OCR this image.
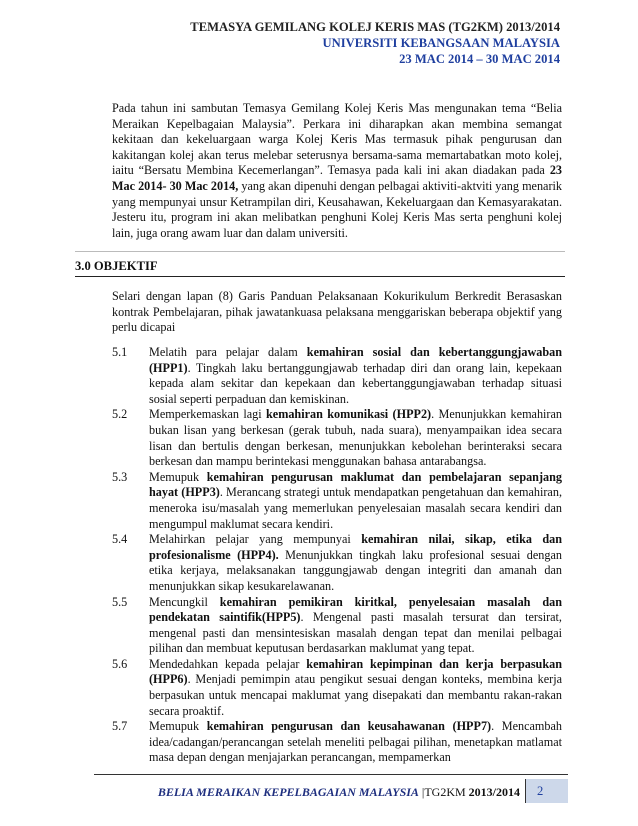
TEMASYA GEMILANG KOLEJ KERIS MAS (TG2KM) 2013/2014
UNIVERSITI KEBANGSAAN MALAYSIA
23 MAC 2014 – 30 MAC 2014

Pada tahun ini sambutan Temasya Gemilang Kolej Keris Mas mengunakan tema “Belia Meraikan Kepelbagaian Malaysia”. Perkara ini diharapkan akan membina semangat kekitaan dan kekeluargaan warga Kolej Keris Mas termasuk pihak pengurusan dan kakitangan kolej akan terus melebar seterusnya bersama-sama memartabatkan moto kolej, iaitu “Bersatu Membina Kecemerlangan”. Temasya pada kali ini akan diadakan pada 23 Mac 2014- 30 Mac 2014, yang akan dipenuhi dengan pelbagai aktiviti-aktviti yang menarik yang mempunyai unsur Ketrampilan diri, Keusahawan, Kekeluargaan dan Kemasyarakatan. Jesteru itu, program ini akan melibatkan penghuni Kolej Keris Mas serta penghuni kolej lain, juga orang awam luar dan dalam universiti.

3.0 OBJEKTIF

Selari dengan lapan (8) Garis Panduan Pelaksanaan Kokurikulum Berkredit Berasaskan kontrak Pembelajaran, pihak jawatankuasa pelaksana menggariskan beberapa objektif yang perlu dicapai

5.1	Melatih para pelajar dalam kemahiran sosial dan kebertanggungjawaban (HPP1). Tingkah laku bertanggungjawab terhadap diri dan orang lain, kepekaan kepada alam sekitar dan kepekaan dan kebertanggungjawaban terhadap situasi sosial seperti perpaduan dan kemiskinan.
5.2	Memperkemaskan lagi kemahiran komunikasi (HPP2). Menunjukkan kemahiran bukan lisan yang berkesan (gerak tubuh, nada suara), menyampaikan idea secara lisan dan bertulis dengan berkesan, menunjukkan kebolehan berinteraksi secara berkesan dan mampu berintekasi menggunakan bahasa antarabangsa.
5.3	Memupuk kemahiran pengurusan maklumat dan pembelajaran sepanjang hayat (HPP3). Merancang strategi untuk mendapatkan pengetahuan dan kemahiran, meneroka isu/masalah yang memerlukan penyelesaian masalah secara kendiri dan mengumpul maklumat secara kendiri.
5.4	Melahirkan pelajar yang mempunyai kemahiran nilai, sikap, etika dan profesionalisme (HPP4). Menunjukkan tingkah laku profesional sesuai dengan etika kerjaya, melaksanakan tanggungjawab dengan integriti dan amanah dan menunjukkan sikap kesukarelawanan.
5.5	Mencungkil kemahiran pemikiran kiritkal, penyelesaian masalah dan pendekatan saintifik(HPP5). Mengenal pasti masalah tersurat dan tersirat, mengenal pasti dan mensintesiskan masalah dengan tepat dan menilai pelbagai pilihan dan membuat keputusan berdasarkan maklumat yang tepat.
5.6	Mendedahkan kepada pelajar kemahiran kepimpinan dan kerja berpasukan (HPP6). Menjadi pemimpin atau pengikut sesuai dengan konteks, membina kerja berpasukan untuk mencapai maklumat yang disepakati dan membantu rakan-rakan secara proaktif.
5.7	Memupuk kemahiran pengurusan dan keusahawanan (HPP7). Mencambah idea/cadangan/perancangan setelah meneliti pelbagai pilihan, menetapkan matlamat masa depan dengan menjajarkan perancangan, mempamerkan
BELIA MERAIKAN KEPELBAGAIAN MALAYSIA |TG2KM 2013/2014 2
